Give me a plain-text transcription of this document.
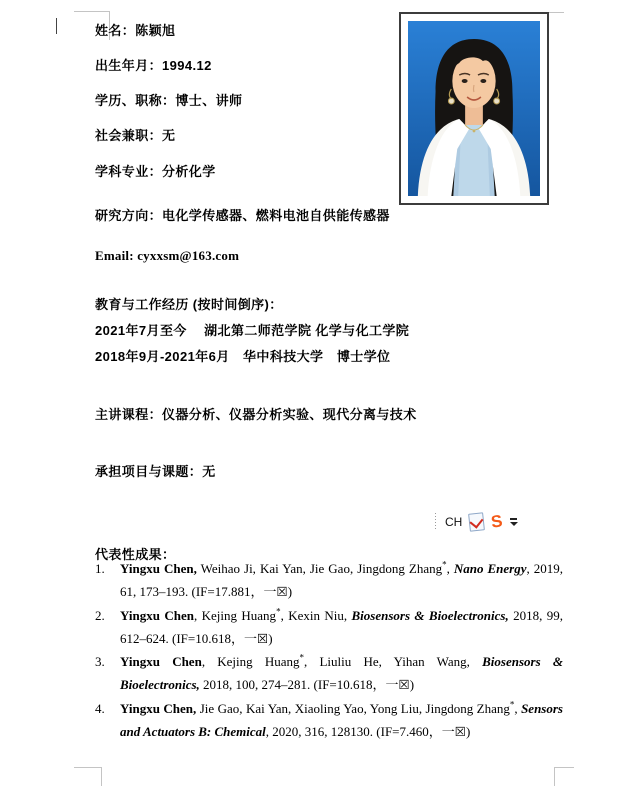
姓名：陈颖旭
出生年月：1994.12
学历、职称：博士、讲师
社会兼职：无
学科专业：分析化学
研究方向：电化学传感器、燃料电池自供能传感器
Email: cyxxsm@163.com
教育与工作经历 (按时间倒序)：
2021年7月至今　 湖北第二师范学院 化学与化工学院
2018年9月-2021年6月　华中科技大学　博士学位
主讲课程：仪器分析、仪器分析实验、现代分离与技术
承担项目与课题：无
代表性成果：
1. Yingxu Chen, Weihao Ji, Kai Yan, Jie Gao, Jingdong Zhang*, Nano Energy, 2019, 61, 173–193. (IF=17.881，一☒)
2. Yingxu Chen, Kejing Huang*, Kexin Niu, Biosensors & Bioelectronics, 2018, 99, 612–624. (IF=10.618，一☒)
3. Yingxu Chen, Kejing Huang*, Liuliu He, Yihan Wang, Biosensors & Bioelectronics, 2018, 100, 274–281. (IF=10.618，一☒)
4. Yingxu Chen, Jie Gao, Kai Yan, Xiaoling Yao, Yong Liu, Jingdong Zhang*, Sensors and Actuators B: Chemical, 2020, 316, 128130. (IF=7.460，一☒)
CH S
